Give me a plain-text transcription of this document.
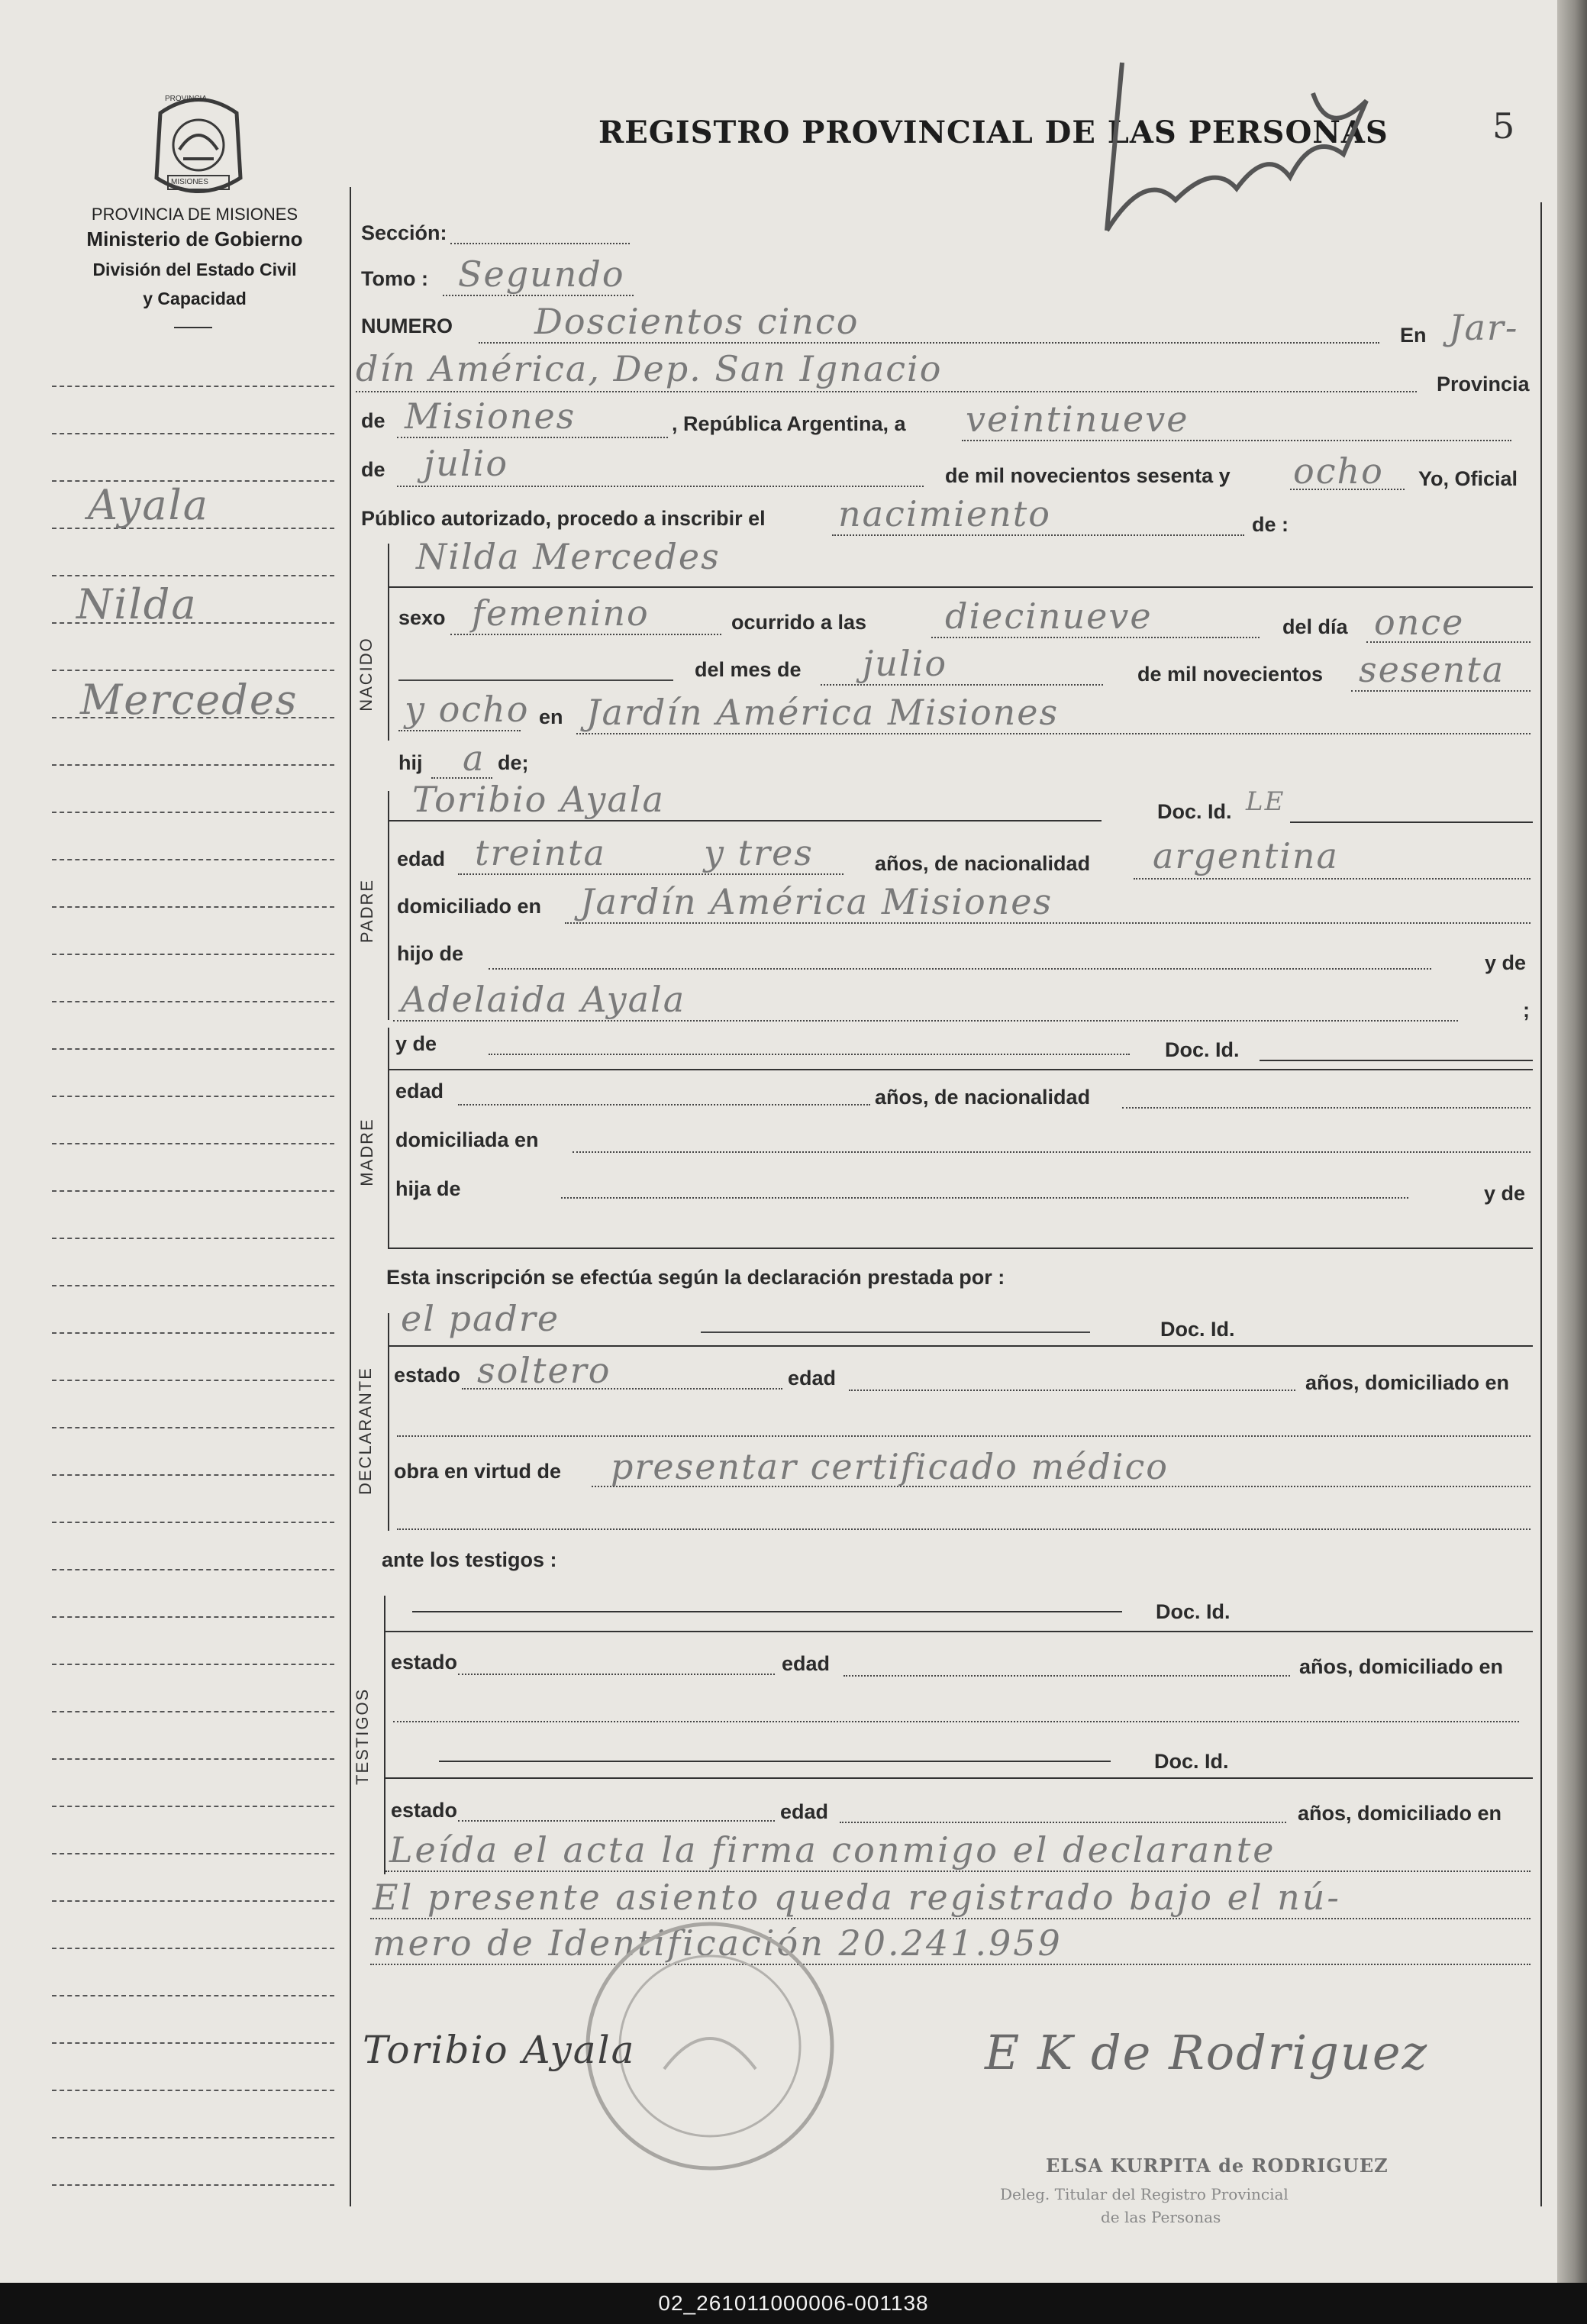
PROVINCIA
MISIONES
PROVINCIA DE MISIONES
Ministerio de Gobierno
División del Estado Civil
y Capacidad
REGISTRO PROVINCIAL DE LAS PERSONAS	5
Ayala
Nilda
Mercedes
Sección:
Tomo : Segundo
NUMERO Doscientos cinco	En Jar-
dín América, Dep. San Ignacio	Provincia
de Misiones	, República Argentina, a veintinueve
de julio	de mil novecientos sesenta y ocho Yo, Oficial
Público autorizado, procedo a inscribir el nacimiento	de :
NACIDO
Nilda Mercedes
sexo femenino	ocurrido a las diecinueve	del día once
del mes de julio	de mil novecientos sesenta
y ocho en Jardín América Misiones
hij a de;
PADRE
Toribio Ayala	Doc. Id. LE
edad treinta	y tres	años, de nacionalidad argentina
domiciliado en Jardín América Misiones
hijo de	y de
Adelaida Ayala	;
MADRE
y de	Doc. Id.
edad	años, de nacionalidad
domiciliada en
hija de	y de
Esta inscripción se efectúa según la declaración prestada por :
DECLARANTE
el padre	Doc. Id.
estado soltero	edad	años, domiciliado en
obra en virtud de presentar certificado médico
ante los testigos :
TESTIGOS
Doc. Id.
estado	edad	años, domiciliado en
Doc. Id.
estado	edad	años, domiciliado en
Leída el acta la firma conmigo el declarante
El presente asiento queda registrado bajo el nú-
mero de Identificación 20.241.959
Toribio Ayala	E K de Rodriguez
ELSA KURPITA de RODRIGUEZ
Deleg. Titular del Registro Provincial
de las Personas
02_261011000006-001138
